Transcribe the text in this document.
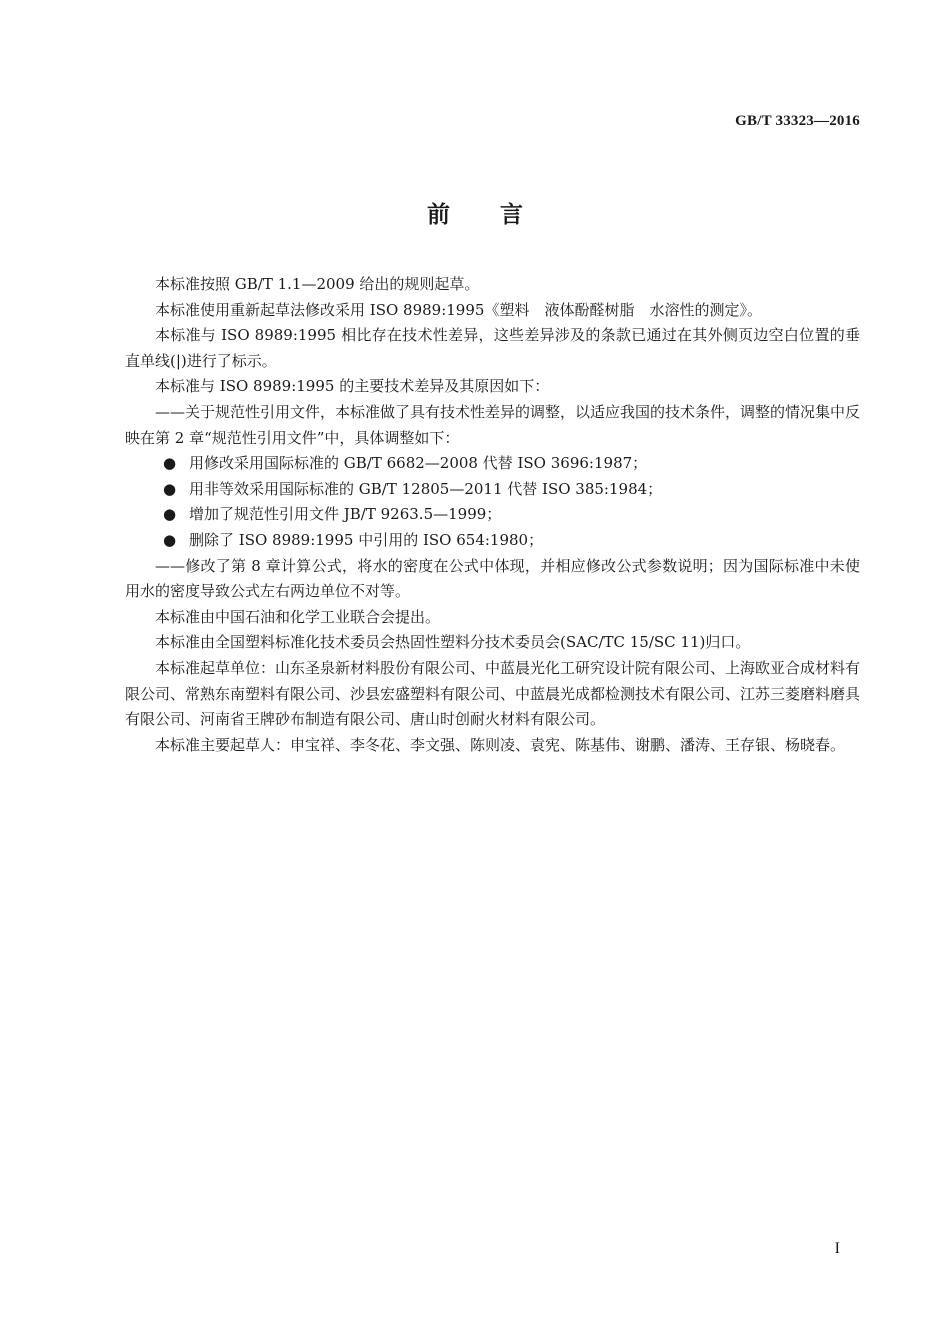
GB/T 33323—2016
前言

本标准按照 GB/T 1.1—2009 给出的规则起草。

本标准使用重新起草法修改采用 ISO 8989:1995《塑料　液体酚醛树脂　水溶性的测定》。

本标准与 ISO 8989:1995 相比存在技术性差异，这些差异涉及的条款已通过在其外侧页边空白位置的垂直单线(|)进行了标示。

本标准与 ISO 8989:1995 的主要技术差异及其原因如下：

——关于规范性引用文件，本标准做了具有技术性差异的调整，以适应我国的技术条件，调整的情况集中反映在第 2 章“规范性引用文件”中，具体调整如下：

● 用修改采用国际标准的 GB/T 6682—2008 代替 ISO 3696:1987；

● 用非等效采用国际标准的 GB/T 12805—2011 代替 ISO 385:1984；

● 增加了规范性引用文件 JB/T 9263.5—1999；

● 删除了 ISO 8989:1995 中引用的 ISO 654:1980；

——修改了第 8 章计算公式，将水的密度在公式中体现，并相应修改公式参数说明；因为国际标准中未使用水的密度导致公式左右两边单位不对等。

本标准由中国石油和化学工业联合会提出。

本标准由全国塑料标准化技术委员会热固性塑料分技术委员会(SAC/TC 15/SC 11)归口。

本标准起草单位：山东圣泉新材料股份有限公司、中蓝晨光化工研究设计院有限公司、上海欧亚合成材料有限公司、常熟东南塑料有限公司、沙县宏盛塑料有限公司、中蓝晨光成都检测技术有限公司、江苏三菱磨料磨具有限公司、河南省王牌砂布制造有限公司、唐山时创耐火材料有限公司。

本标准主要起草人：申宝祥、李冬花、李文强、陈则凌、袁宪、陈基伟、谢鹏、潘涛、王存银、杨晓春。

I
